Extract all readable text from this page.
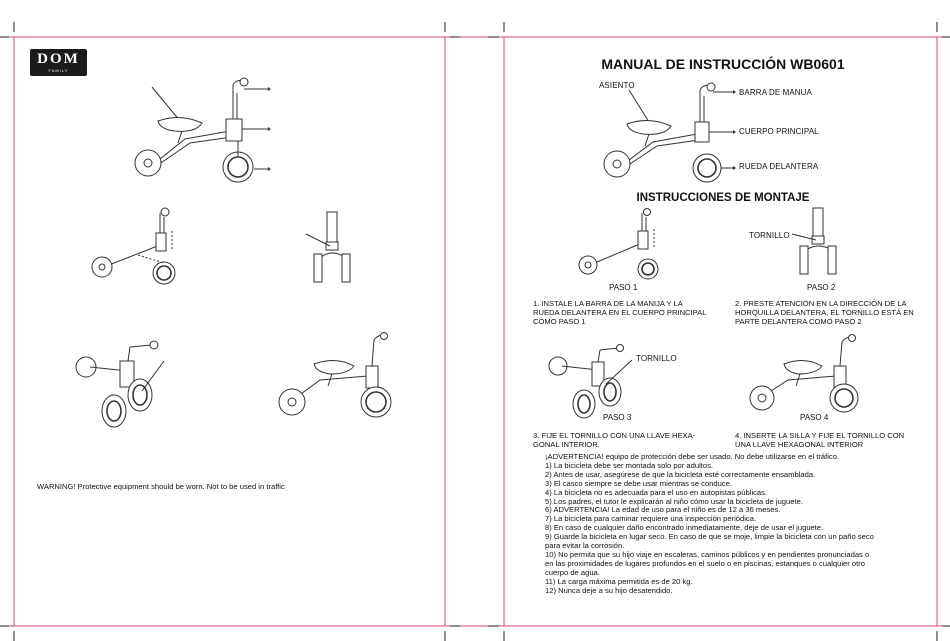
DOM
FAMILY
WARNING! Protective equipment should be worn. Not to be used in traffic
MANUAL DE INSTRUCCIÓN WB0601
ASIENTO
BARRA DE MANUA
CUERPO PRINCIPAL
RUEDA DELANTERA
INSTRUCCIONES DE MONTAJE
PASO 1
TORNILLO
PASO 2
1. INSTALE LA BARRA DE LA MANIJA Y LA
RUEDA DELANTERA EN EL CUERPO PRINCIPAL
COMO PASO 1
2. PRESTE ATENCIÓN EN LA DIRECCIÓN DE LA
HORQUILLA DELANTERA, EL TORNILLO ESTÁ EN
PARTE DELANTERA COMO PASO 2
TORNILLO
PASO 3	PASO 4
3. FIJE EL TORNILLO CON UNA LLAVE HEXA-
GONAL INTERIOR.
4. INSERTE LA SILLA Y FIJE EL TORNILLO CON
UNA LLAVE HEXAGONAL INTERIOR
¡ADVERTENCIA! equipo de protección debe ser usado. No debe utilizarse en el tráfico.
1) La bicicleta debe ser montada solo por adultos.
2) Antes de usar, asegúrese de que la bicicleta esté correctamente ensamblada.
3) El casco siempre se debe usar mientras se conduce.
4) La bicicleta no es adecuada para el uso en autopistas públicas.
5) Los padres, el tutor le explicarán al niño cómo usar la bicicleta de juguete.
6) ADVERTENCIA! La edad de uso para el niño es de 12 a 36 meses.
7) La bicicleta para caminar requiere una inspección periódica.
8) En caso de cualquier daño encontrado inmediatamente, deje de usar el juguete.
9) Guarde la bicicleta en lugar seco. En caso de que se moje, limpie la bicicleta con un paño seco
para evitar la corrosión.
10) No permita que su hijo viaje en escaleras, caminos públicos y en pendientes pronunciadas o
en las proximidades de lugares profundos en el suelo o en piscinas, estanques o cualquier otro
cuerpo de agua.
11) La carga máxima permitida es de 20 kg.
12) Nunca deje a su hijo desatendido.
